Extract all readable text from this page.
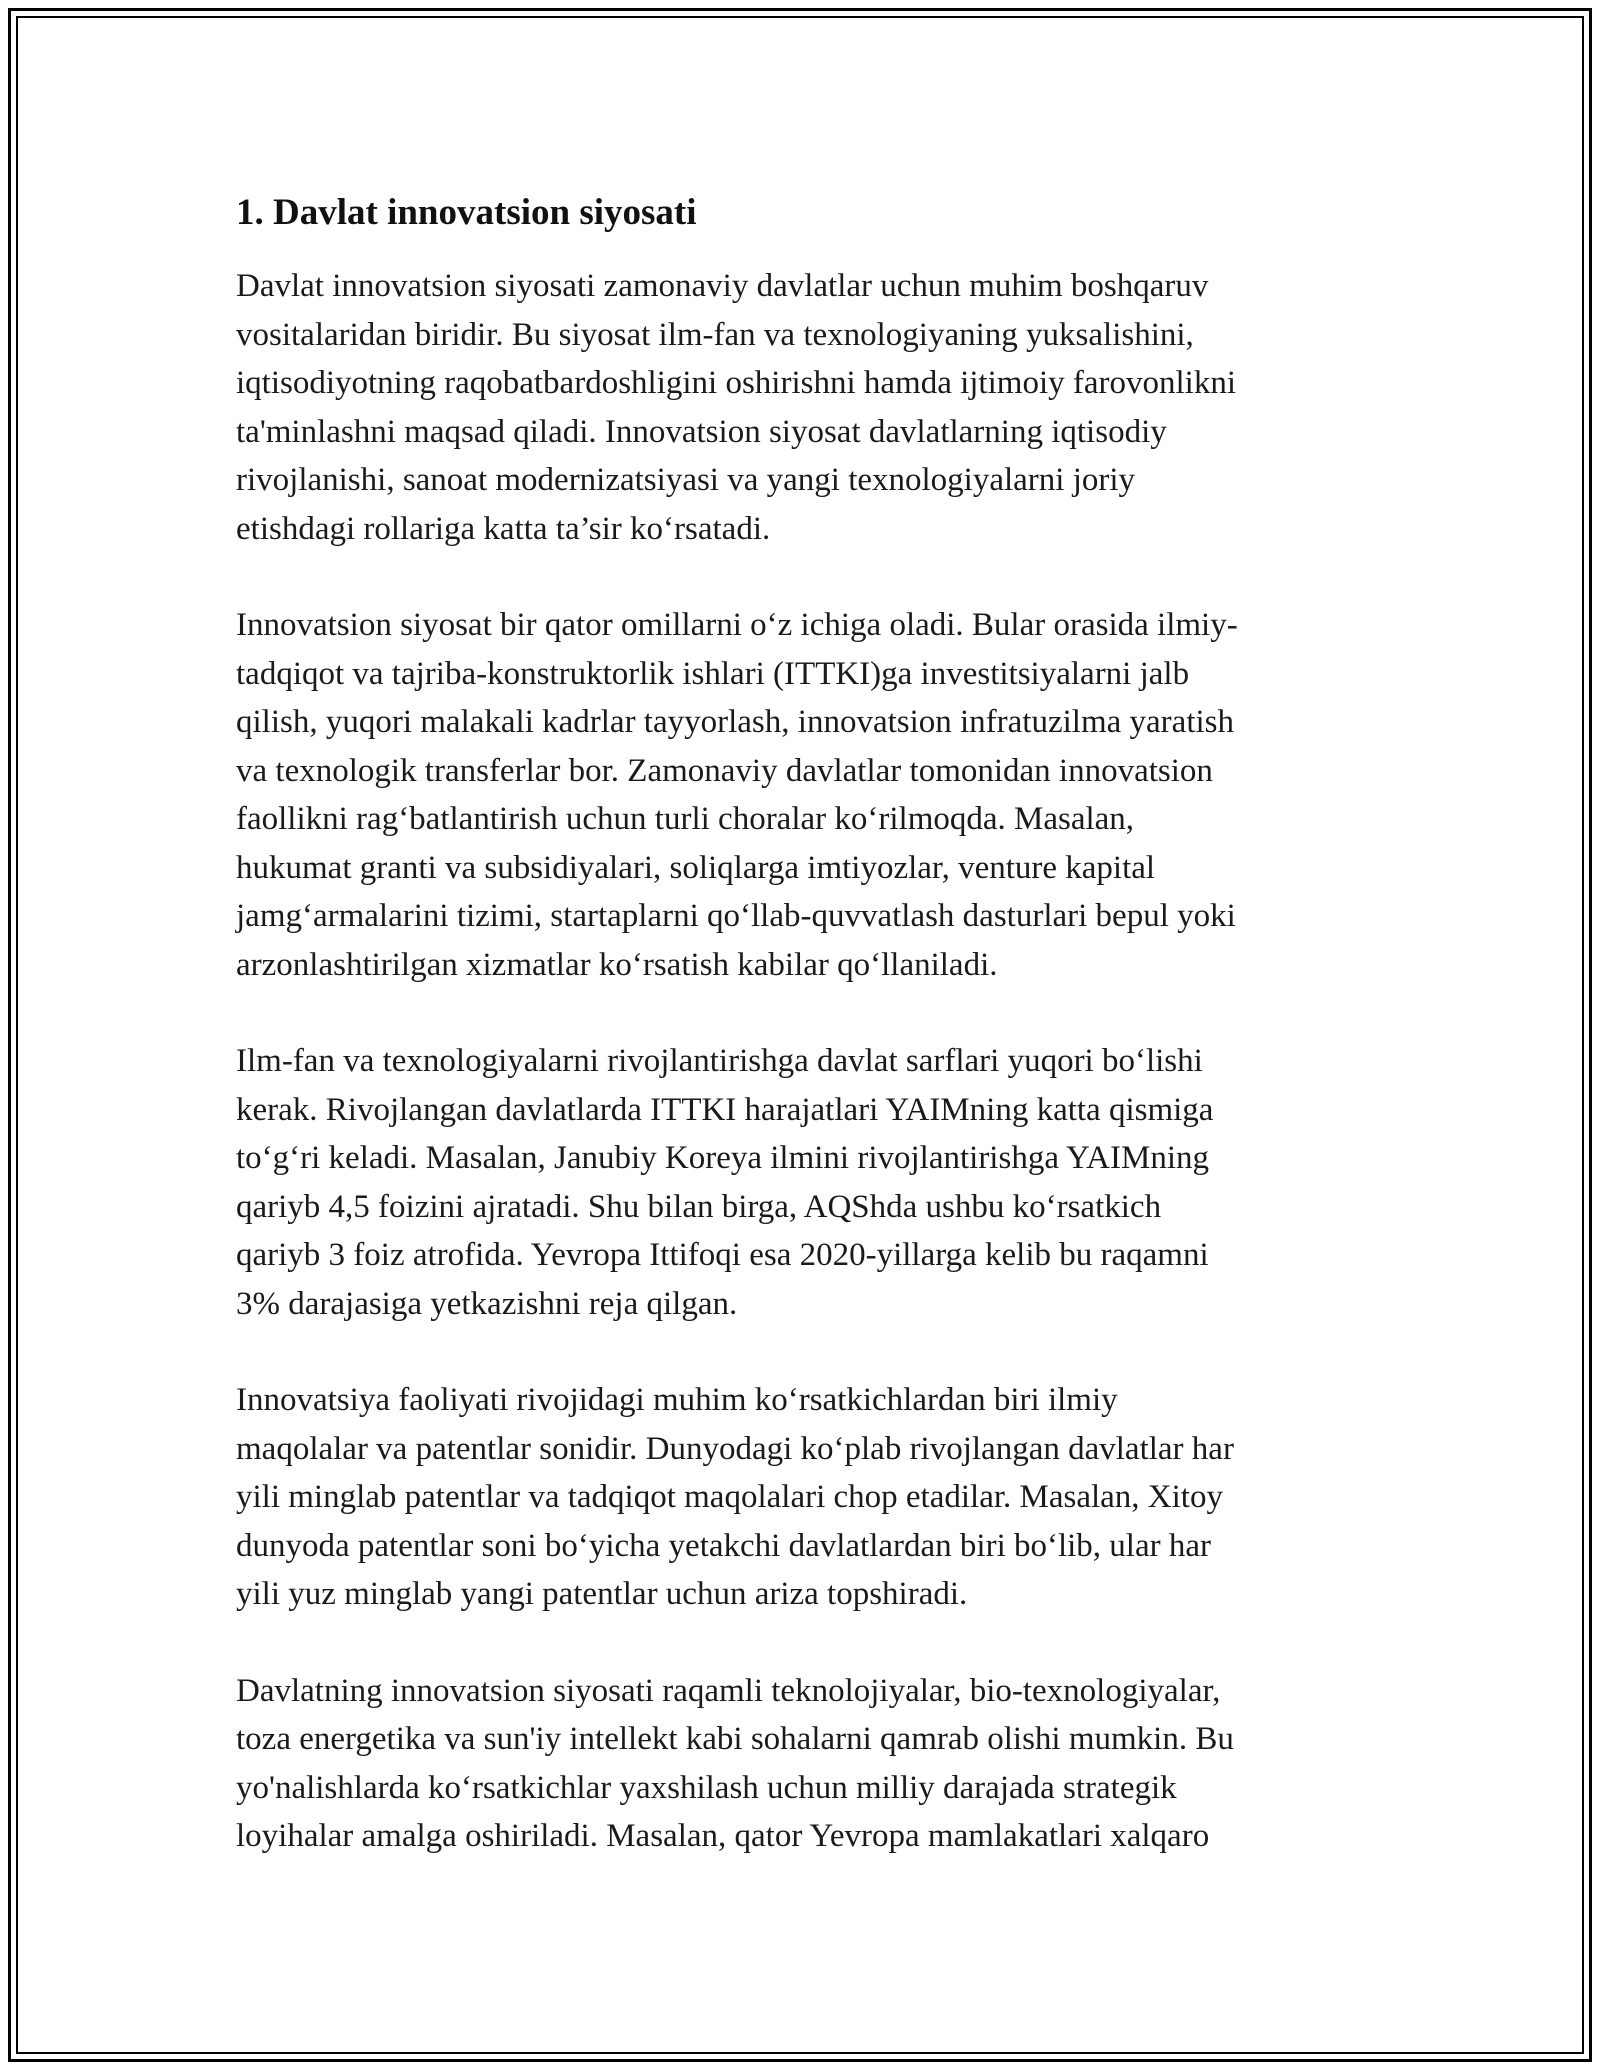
1. Davlat innovatsion siyosati
Davlat innovatsion siyosati zamonaviy davlatlar uchun muhim boshqaruv
vositalaridan biridir. Bu siyosat ilm-fan va texnologiyaning yuksalishini,
iqtisodiyotning raqobatbardoshligini oshirishni hamda ijtimoiy farovonlikni
ta'minlashni maqsad qiladi. Innovatsion siyosat davlatlarning iqtisodiy
rivojlanishi, sanoat modernizatsiyasi va yangi texnologiyalarni joriy
etishdagi rollariga katta ta’sir ko‘rsatadi.
Innovatsion siyosat bir qator omillarni o‘z ichiga oladi. Bular orasida ilmiy-
tadqiqot va tajriba-konstruktorlik ishlari (ITTKI)ga investitsiyalarni jalb
qilish, yuqori malakali kadrlar tayyorlash, innovatsion infratuzilma yaratish
va texnologik transferlar bor. Zamonaviy davlatlar tomonidan innovatsion
faollikni rag‘batlantirish uchun turli choralar ko‘rilmoqda. Masalan,
hukumat granti va subsidiyalari, soliqlarga imtiyozlar, venture kapital
jamg‘armalarini tizimi, startaplarni qo‘llab-quvvatlash dasturlari bepul yoki
arzonlashtirilgan xizmatlar ko‘rsatish kabilar qo‘llaniladi.
Ilm-fan va texnologiyalarni rivojlantirishga davlat sarflari yuqori bo‘lishi
kerak. Rivojlangan davlatlarda ITTKI harajatlari YAIMning katta qismiga
to‘g‘ri keladi. Masalan, Janubiy Koreya ilmini rivojlantirishga YAIMning
qariyb 4,5 foizini ajratadi. Shu bilan birga, AQShda ushbu ko‘rsatkich
qariyb 3 foiz atrofida. Yevropa Ittifoqi esa 2020-yillarga kelib bu raqamni
3% darajasiga yetkazishni reja qilgan.
Innovatsiya faoliyati rivojidagi muhim ko‘rsatkichlardan biri ilmiy
maqolalar va patentlar sonidir. Dunyodagi ko‘plab rivojlangan davlatlar har
yili minglab patentlar va tadqiqot maqolalari chop etadilar. Masalan, Xitoy
dunyoda patentlar soni bo‘yicha yetakchi davlatlardan biri bo‘lib, ular har
yili yuz minglab yangi patentlar uchun ariza topshiradi.
Davlatning innovatsion siyosati raqamli teknolojiyalar, bio-texnologiyalar,
toza energetika va sun'iy intellekt kabi sohalarni qamrab olishi mumkin. Bu
yo'nalishlarda ko‘rsatkichlar yaxshilash uchun milliy darajada strategik
loyihalar amalga oshiriladi. Masalan, qator Yevropa mamlakatlari xalqaro
